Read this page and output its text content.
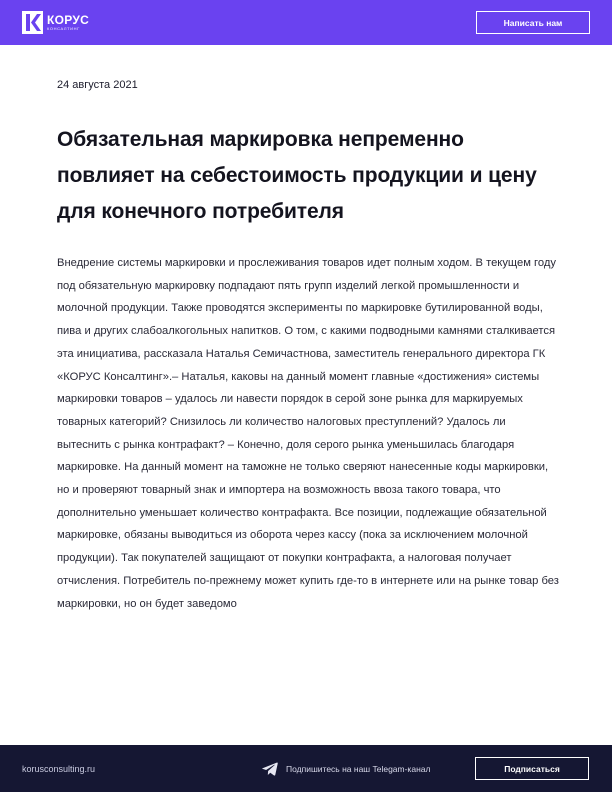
КОРУС
КОНСАЛТИНГ
Написать нам
24 августа 2021
Обязательная маркировка непременно повлияет на себестоимость продукции и цену для конечного потребителя

Внедрение системы маркировки и прослеживания товаров идет полным ходом. В текущем году под обязательную маркировку подпадают пять групп изделий легкой промышленности и молочной продукции. Также проводятся эксперименты по маркировке бутилированной воды, пива и других слабоалкогольных напитков. О том, с какими подводными камнями сталкивается эта инициатива, рассказала Наталья Семичастнова, заместитель генерального директора ГК «КОРУС Консалтинг».– Наталья, каковы на данный момент главные «достижения» системы маркировки товаров – удалось ли навести порядок в серой зоне рынка для маркируемых товарных категорий? Снизилось ли количество налоговых преступлений? Удалось ли вытеснить с рынка контрафакт? – Конечно, доля серого рынка уменьшилась благодаря маркировке. На данный момент на таможне не только сверяют нанесенные коды маркировки, но и проверяют товарный знак и импортера на возможность ввоза такого товара, что дополнительно уменьшает количество контрафакта. Все позиции, подлежащие обязательной маркировке, обязаны выводиться из оборота через кассу (пока за исключением молочной продукции). Так покупателей защищают от покупки контрафакта, а налоговая получает отчисления. Потребитель по-прежнему может купить где-то в интернете или на рынке товар без маркировки, но он будет заведомо

korusconsulting.ru	Подпишитесь на наш Telegam-канал	Подписаться
